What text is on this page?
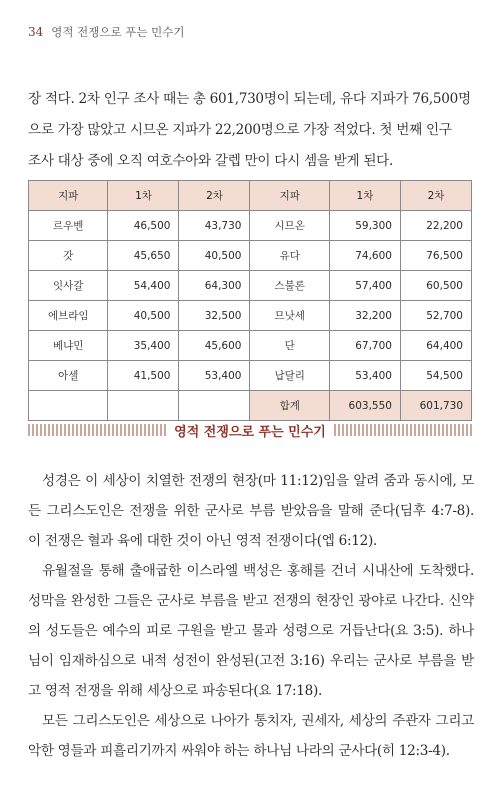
34 영적 전쟁으로 푸는 민수기

장 적다. 2차 인구 조사 때는 총 601,730명이 되는데, 유다 지파가 76,500명

으로 가장 많았고 시므온 지파가 22,200명으로 가장 적었다. 첫 번째 인구

조사 대상 중에 오직 여호수아와 갈렙 만이 다시 셈을 받게 된다.

지파	1차	2차	지파	1차	2차
르우벤	46,500	43,730	시므온	59,300	22,200
갓	45,650	40,500	유다	74,600	76,500
잇사갈	54,400	64,300	스불론	57,400	60,500
에브라임	40,500	32,500	므낫세	32,200	52,700
베냐민	35,400	45,600	단	67,700	64,400
아셀	41,500	53,400	납달리	53,400	54,500
			합계	603,550	601,730
영적 전쟁으로 푸는 민수기

성경은 이 세상이 치열한 전쟁의 현장(마 11:12)임을 알려 줌과 동시에, 모든 그리스도인은 전쟁을 위한 군사로 부름 받았음을 말해 준다(딤후 4:7-8). 이 전쟁은 혈과 육에 대한 것이 아닌 영적 전쟁이다(엡 6:12).

유월절을 통해 출애굽한 이스라엘 백성은 홍해를 건너 시내산에 도착했다. 성막을 완성한 그들은 군사로 부름을 받고 전쟁의 현장인 광야로 나간다. 신약의 성도들은 예수의 피로 구원을 받고 물과 성령으로 거듭난다(요 3:5). 하나님이 임재하심으로 내적 성전이 완성된(고전 3:16) 우리는 군사로 부름을 받고 영적 전쟁을 위해 세상으로 파송된다(요 17:18).

모든 그리스도인은 세상으로 나아가 통치자, 권세자, 세상의 주관자 그리고 악한 영들과 피흘리기까지 싸워야 하는 하나님 나라의 군사다(히 12:3-4).
